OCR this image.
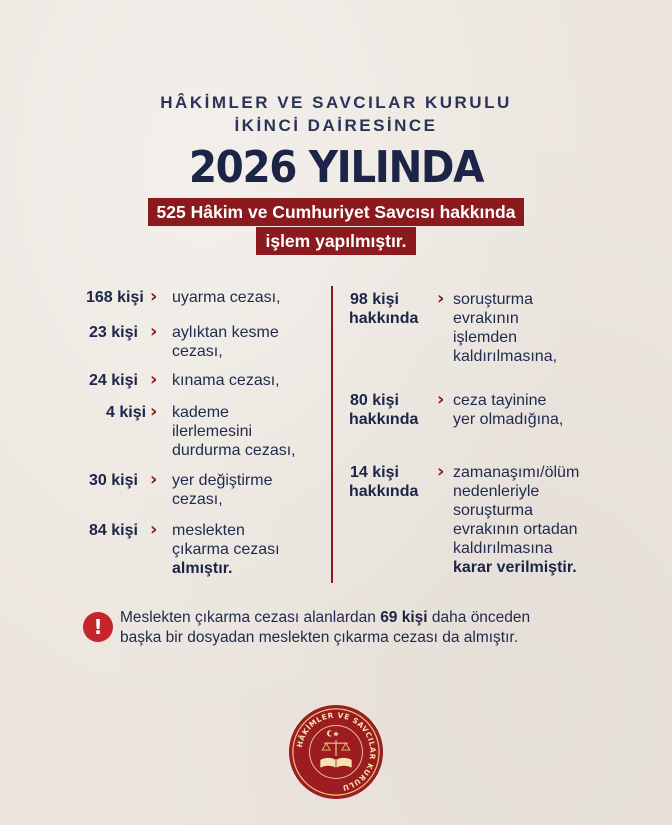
HÂKİMLER VE SAVCILAR KURULU
İKİNCİ DAİRESİNCE
2026 YILINDA
525 Hâkim ve Cumhuriyet Savcısı hakkında
işlem yapılmıştır.
168 kişi › uyarma cezası,
23 kişi › aylıktan kesme
cezası,
24 kişi › kınama cezası,
4 kişi › kademe
ilerlemesini
durdurma cezası,
30 kişi › yer değiştirme
cezası,
84 kişi › meslekten
çıkarma cezası
almıştır.
98 kişi
hakkında
› soruşturma
evrakının
işlemden
kaldırılmasına,
80 kişi
hakkında
› ceza tayinine
yer olmadığına,
14 kişi
hakkında
› zamanaşımı/ölüm
nedenleriyle
soruşturma
evrakının ortadan
kaldırılmasına
karar verilmiştir.
!	Meslekten çıkarma cezası alanlardan 69 kişi daha önceden
başka bir dosyadan meslekten çıkarma cezası da almıştır.
HÂKİMLER VE SAVCILAR KURULU
